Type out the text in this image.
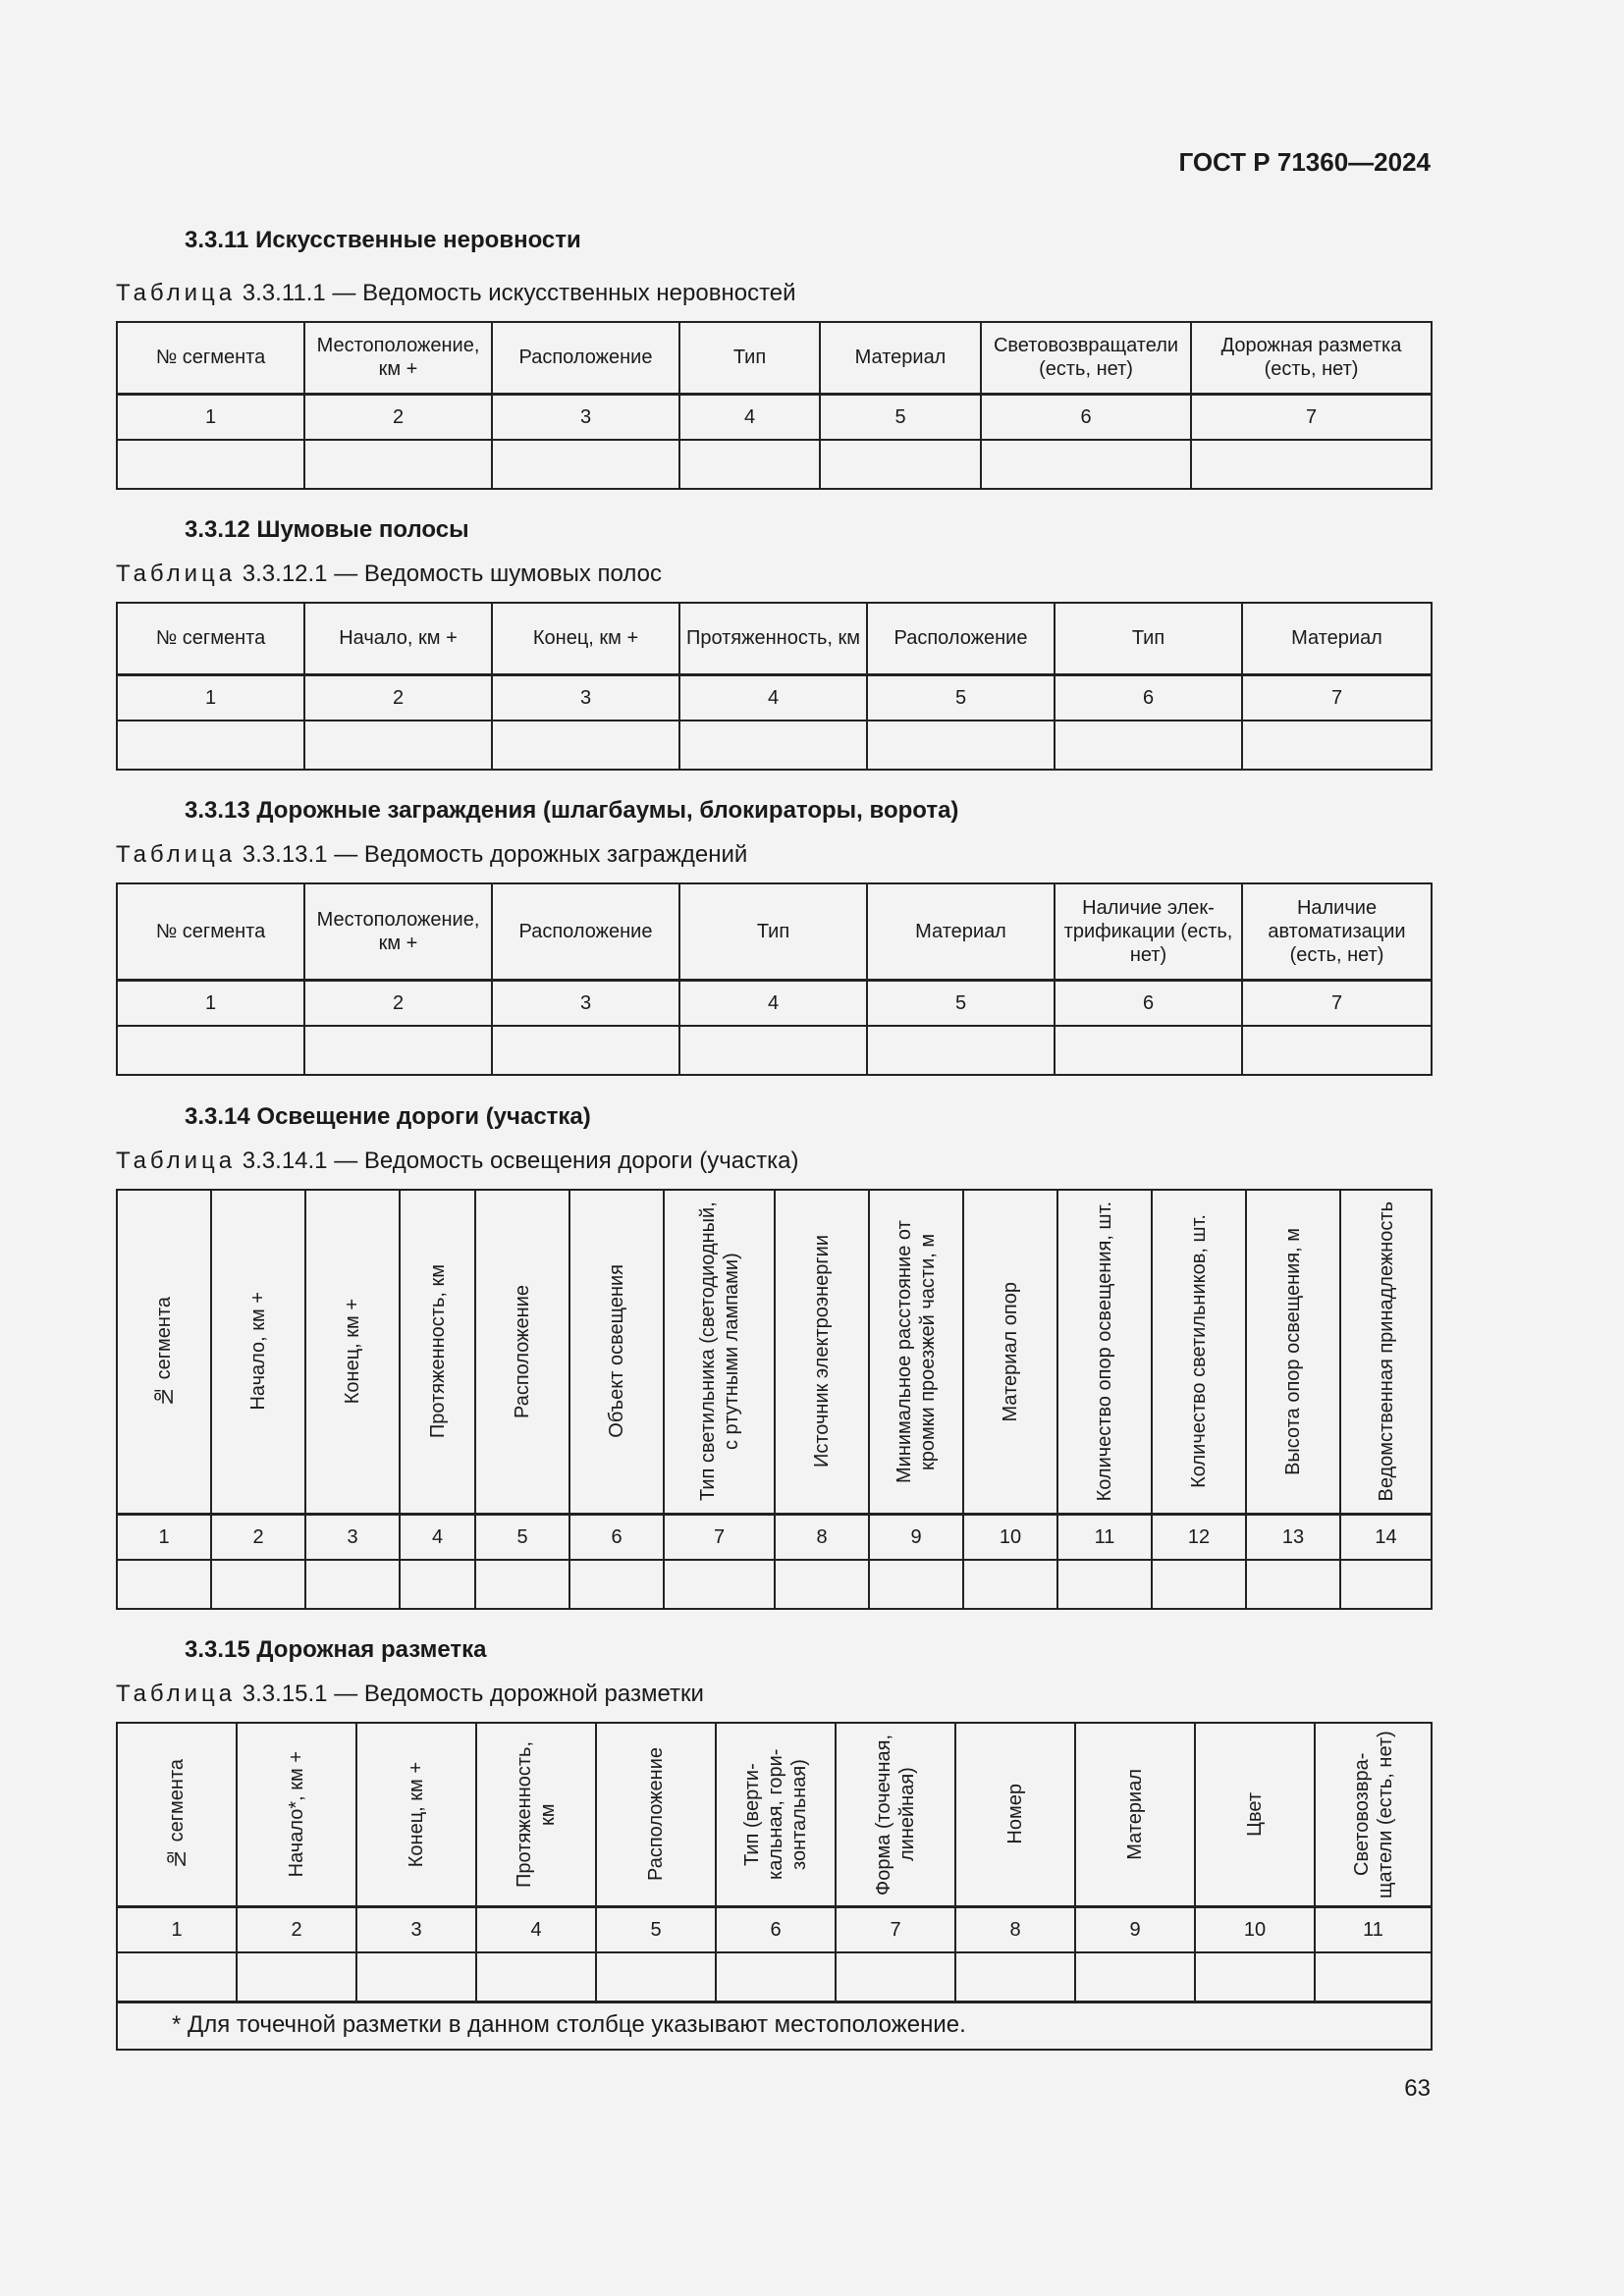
ГОСТ Р 71360—2024
3.3.11 Искусственные неровности
Таблица 3.3.11.1 — Ведомость искусственных неровностей
№ сегмента	Местоположение, км +	Расположение	Тип	Материал	Световозвращатели (есть, нет)	Дорожная разметка (есть, нет)
1	2	3	4	5	6	7

3.3.12 Шумовые полосы
Таблица 3.3.12.1 — Ведомость шумовых полос
№ сегмента	Начало, км +	Конец, км +	Протяженность, км	Расположение	Тип	Материал
1	2	3	4	5	6	7

3.3.13 Дорожные заграждения (шлагбаумы, блокираторы, ворота)
Таблица 3.3.13.1 — Ведомость дорожных заграждений
№ сегмента	Местоположение, км +	Расположение	Тип	Материал	Наличие электрификации (есть, нет)	Наличие автоматизации (есть, нет)
1	2	3	4	5	6	7

3.3.14 Освещение дороги (участка)
Таблица 3.3.14.1 — Ведомость освещения дороги (участка)
№ сегмента	Начало, км +	Конец, км +	Протяженность, км	Расположение	Объект освещения	Тип светильника (светодиодный, с ртутными лампами)	Источник электроэнергии	Минимальное расстояние от кромки проезжей части, м	Материал опор	Количество опор освещения, шт.	Количество светильников, шт.	Высота опор освещения, м	Ведомственная принадлежность

1	2	3	4	5	6	7	8	9	10	11	12	13	14

3.3.15 Дорожная разметка
Таблица 3.3.15.1 — Ведомость дорожной разметки
№ сегмента	Начало*, км +	Конец, км +	Протяженность, км	Расположение	Тип (вертикальная, горизонтальная)	Форма (точечная, линейная)	Номер	Материал	Цвет	Световозвращатели (есть, нет)

1	2	3	4	5	6	7	8	9	10	11

* Для точечной разметки в данном столбце указывают местоположение.										
63
